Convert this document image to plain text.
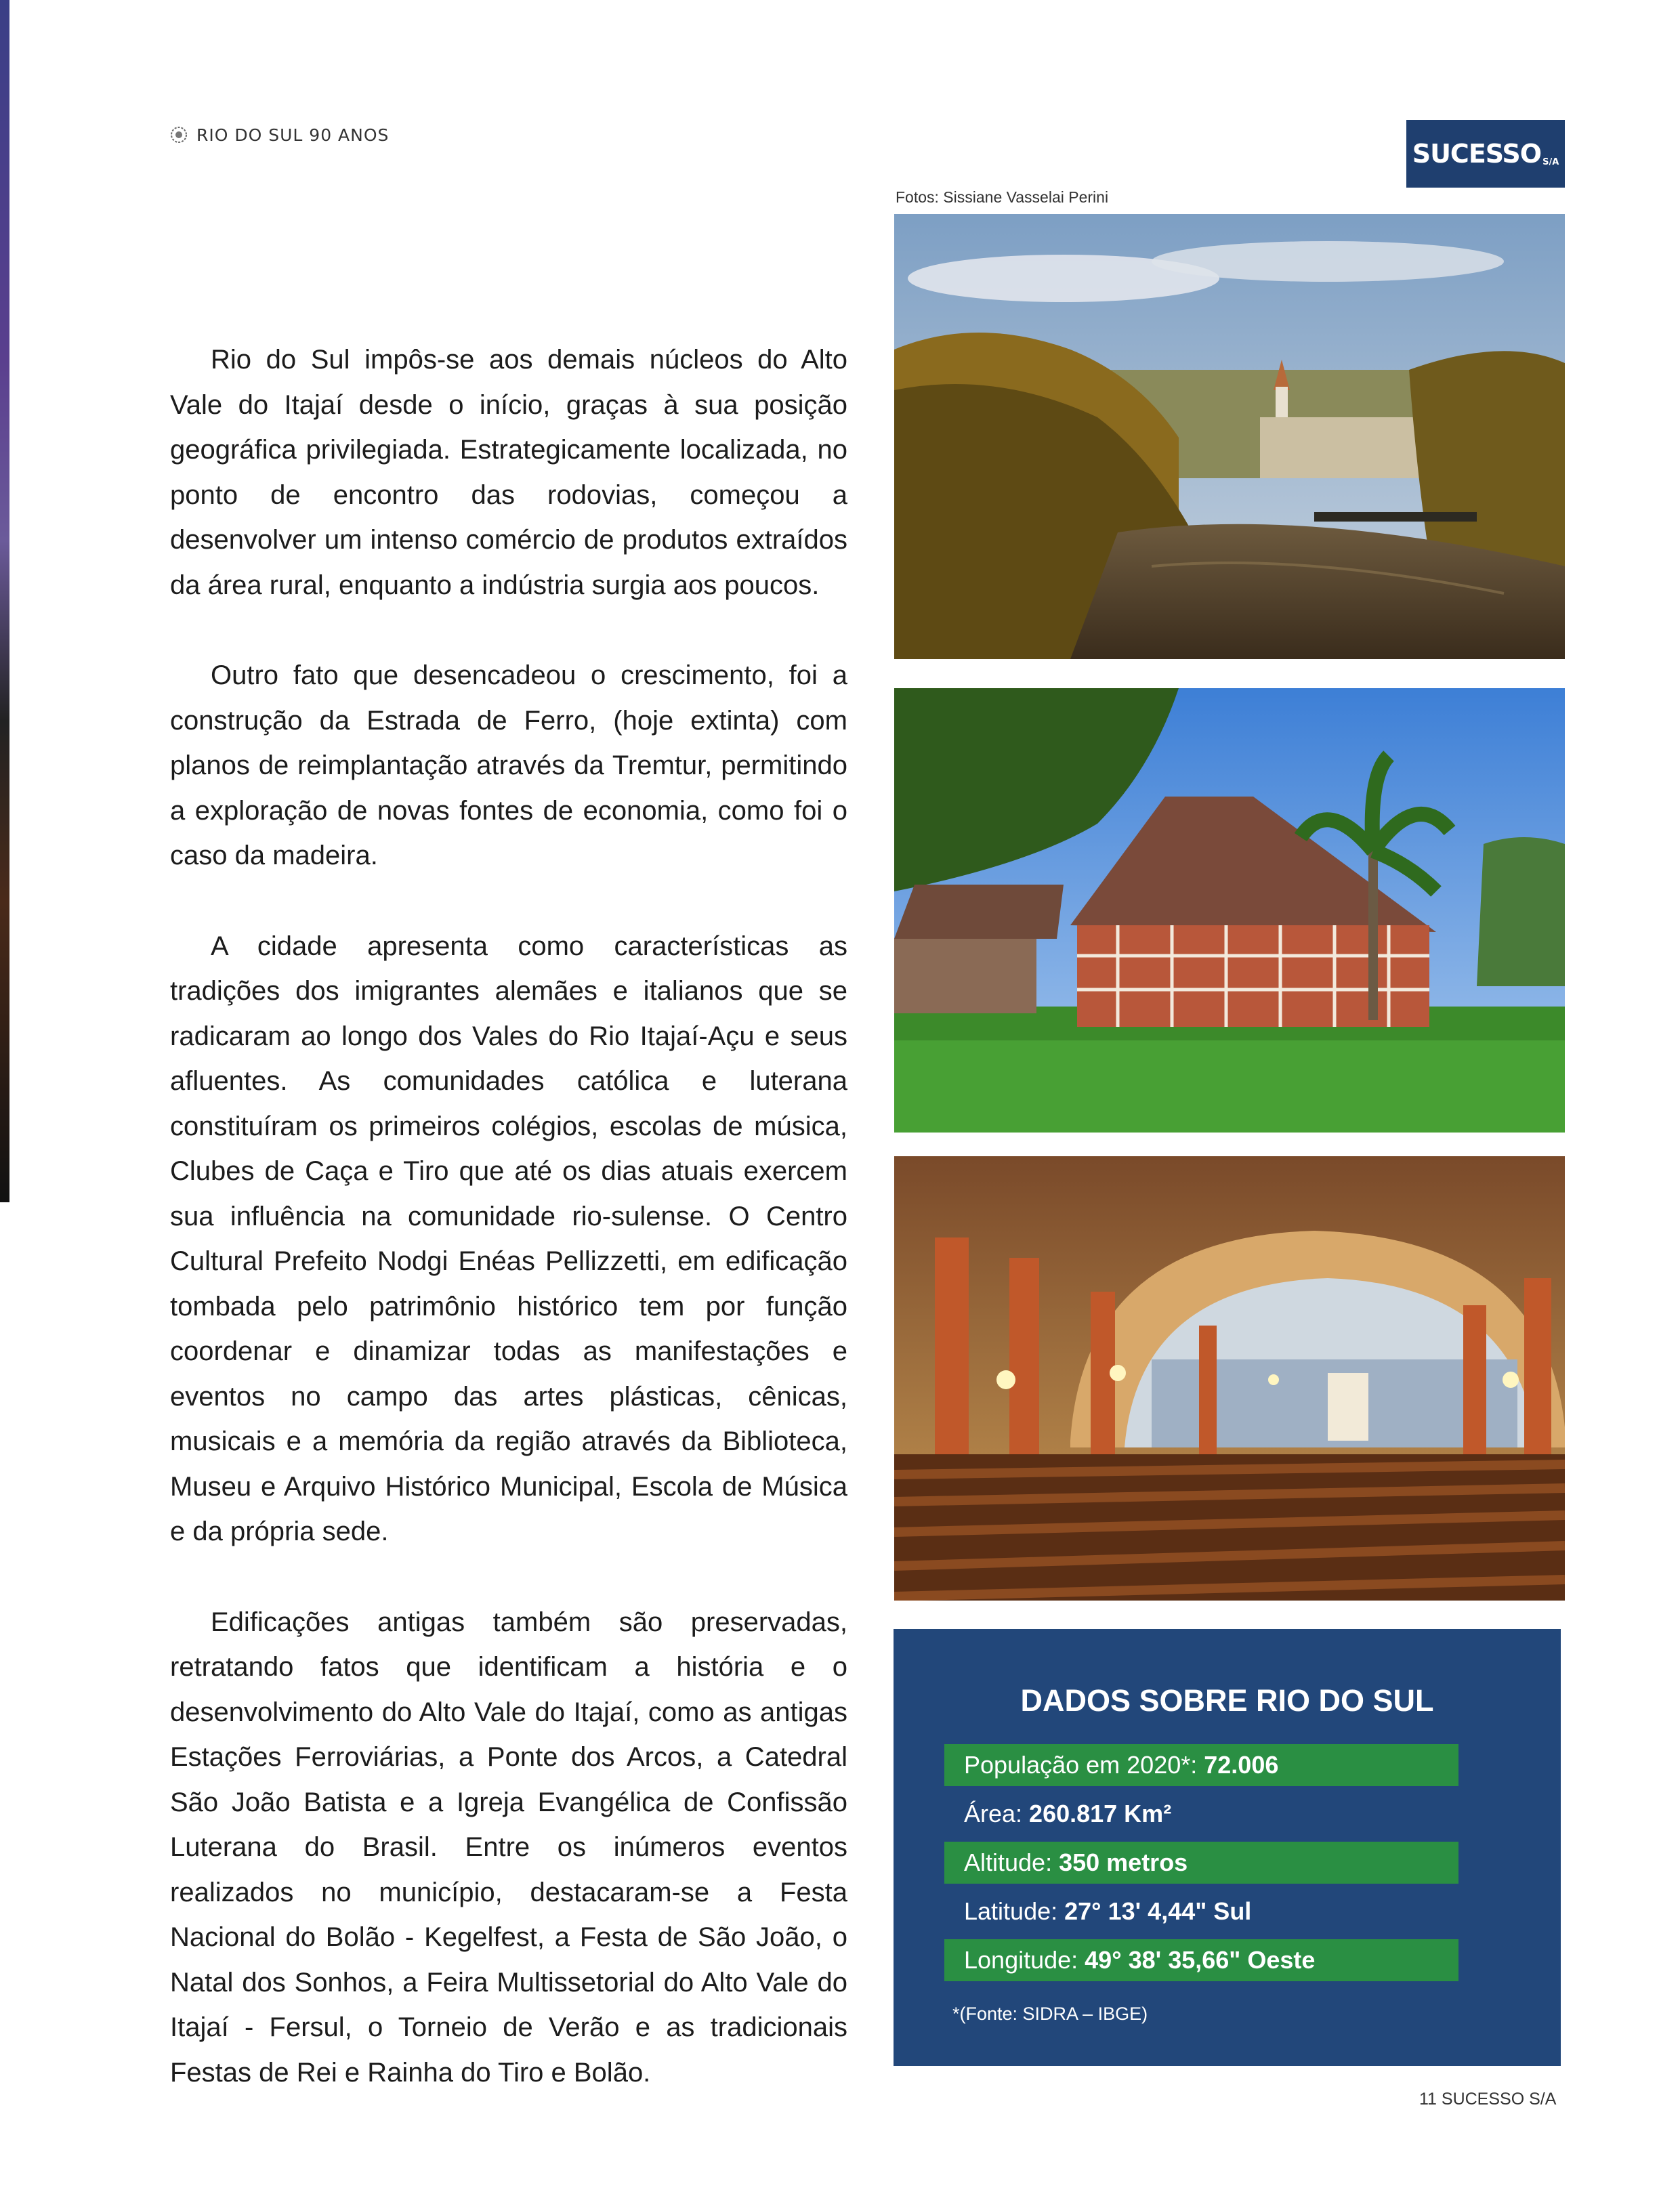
RIO DO SUL 90 ANOS
SUCESSO S/A
Fotos: Sissiane Vasselai Perini

Rio do Sul impôs-se aos demais núcleos do Alto Vale do Itajaí desde o início, graças à sua posição geográfica privilegiada. Estrategicamente localizada, no ponto de encontro das rodovias, começou a desenvolver um intenso comércio de produtos extraídos da área rural, enquanto a indústria surgia aos poucos.

Outro fato que desencadeou o crescimento, foi a construção da Estrada de Ferro, (hoje extinta) com planos de reimplantação através da Tremtur, permitindo a exploração de novas fontes de economia, como foi o caso da madeira.

A cidade apresenta como características as tradições dos imigrantes alemães e italianos que se radicaram ao longo dos Vales do Rio Itajaí-Açu e seus afluentes. As comunidades católica e luterana constituíram os primeiros colégios, escolas de música, Clubes de Caça e Tiro que até os dias atuais exercem sua influência na comunidade rio-sulense. O Centro Cultural Prefeito Nodgi Enéas Pellizzetti, em edificação tombada pelo patrimônio histórico tem por função coordenar e dinamizar todas as manifestações e eventos no campo das artes plásticas, cênicas, musicais e a memória da região através da Biblioteca, Museu e Arquivo Histórico Municipal, Escola de Música e da própria sede.

Edificações antigas também são preservadas, retratando fatos que identificam a história e o desenvolvimento do Alto Vale do Itajaí, como as antigas Estações Ferroviárias, a Ponte dos Arcos, a Catedral São João Batista e a Igreja Evangélica de Confissão Luterana do Brasil. Entre os inúmeros eventos realizados no município, destacaram-se a Festa Nacional do Bolão - Kegelfest, a Festa de São João, o Natal dos Sonhos, a Feira Multissetorial do Alto Vale do Itajaí - Fersul, o Torneio de Verão e as tradicionais Festas de Rei e Rainha do Tiro e Bolão.

DADOS SOBRE RIO DO SUL
População em 2020*: 72.006
Área: 260.817 Km²
Altitude: 350 metros
Latitude: 27° 13' 4,44" Sul
Longitude: 49° 38' 35,66" Oeste
*(Fonte: SIDRA – IBGE)
11 SUCESSO S/A
